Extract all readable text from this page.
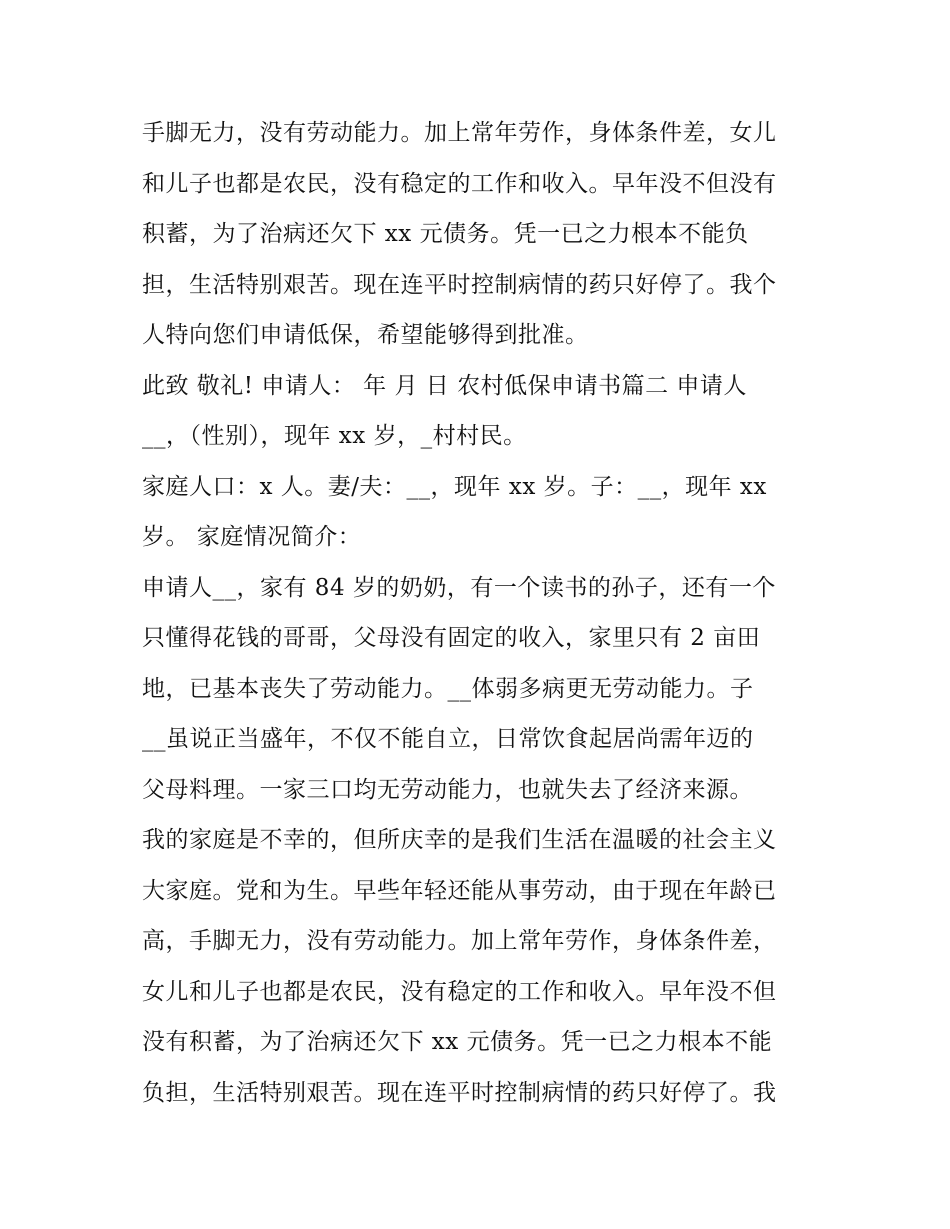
手脚无力，没有劳动能力。加上常年劳作，身体条件差，女儿
和儿子也都是农民，没有稳定的工作和收入。早年没不但没有
积蓄，为了治病还欠下 xx 元债务。凭一已之力根本不能负
担，生活特别艰苦。现在连平时控制病情的药只好停了。我个
人特向您们申请低保，希望能够得到批准。
此致 敬礼! 申请人： 年 月 日 农村低保申请书篇二 申请人
__，（性别），现年 xx 岁，_村村民。
家庭人口：x 人。妻/夫：__，现年 xx 岁。子：__，现年 xx
岁。 家庭情况简介：
申请人__，家有 84 岁的奶奶，有一个读书的孙子，还有一个
只懂得花钱的哥哥，父母没有固定的收入，家里只有 2 亩田
地，已基本丧失了劳动能力。__体弱多病更无劳动能力。子
__虽说正当盛年，不仅不能自立，日常饮食起居尚需年迈的
父母料理。一家三口均无劳动能力，也就失去了经济来源。
我的家庭是不幸的，但所庆幸的是我们生活在温暖的社会主义
大家庭。党和为生。早些年轻还能从事劳动，由于现在年龄已
高，手脚无力，没有劳动能力。加上常年劳作，身体条件差，
女儿和儿子也都是农民，没有稳定的工作和收入。早年没不但
没有积蓄，为了治病还欠下 xx 元债务。凭一已之力根本不能
负担，生活特别艰苦。现在连平时控制病情的药只好停了。我
